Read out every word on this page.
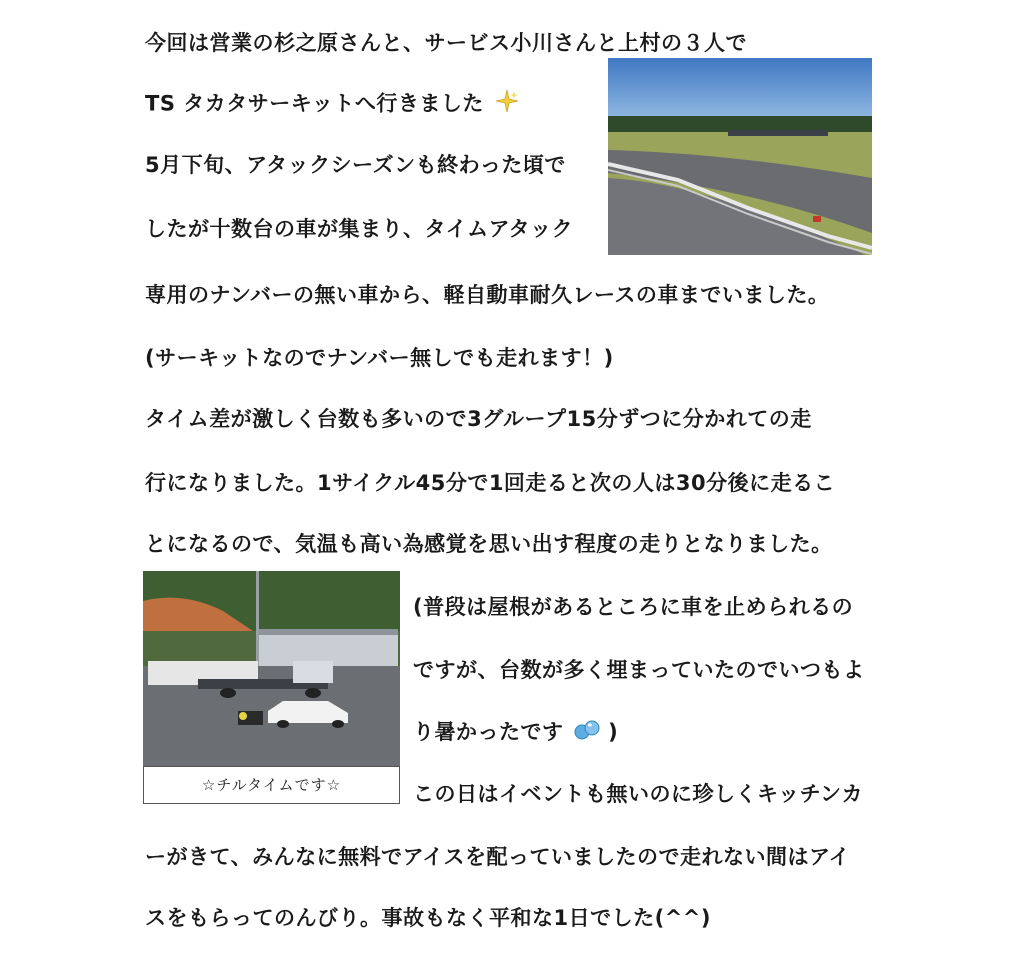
今回は営業の杉之原さんと、サービス小川さんと上村の３人で
TS タカタサーキットへ行きました
5月下旬、アタックシーズンも終わった頃で
したが十数台の車が集まり、タイムアタック
専用のナンバーの無い車から、軽自動車耐久レースの車までいました。
(サーキットなのでナンバー無しでも走れます！)
タイム差が激しく台数も多いので3グループ15分ずつに分かれての走
行になりました。1サイクル45分で1回走ると次の人は30分後に走るこ
とになるので、気温も高い為感覚を思い出す程度の走りとなりました。
(普段は屋根があるところに車を止められるの
ですが、台数が多く埋まっていたのでいつもよ
り暑かったです )
この日はイベントも無いのに珍しくキッチンカ
ーがきて、みんなに無料でアイスを配っていましたので走れない間はアイ
スをもらってのんびり。事故もなく平和な1日でした(^^)
☆チルタイムです☆
